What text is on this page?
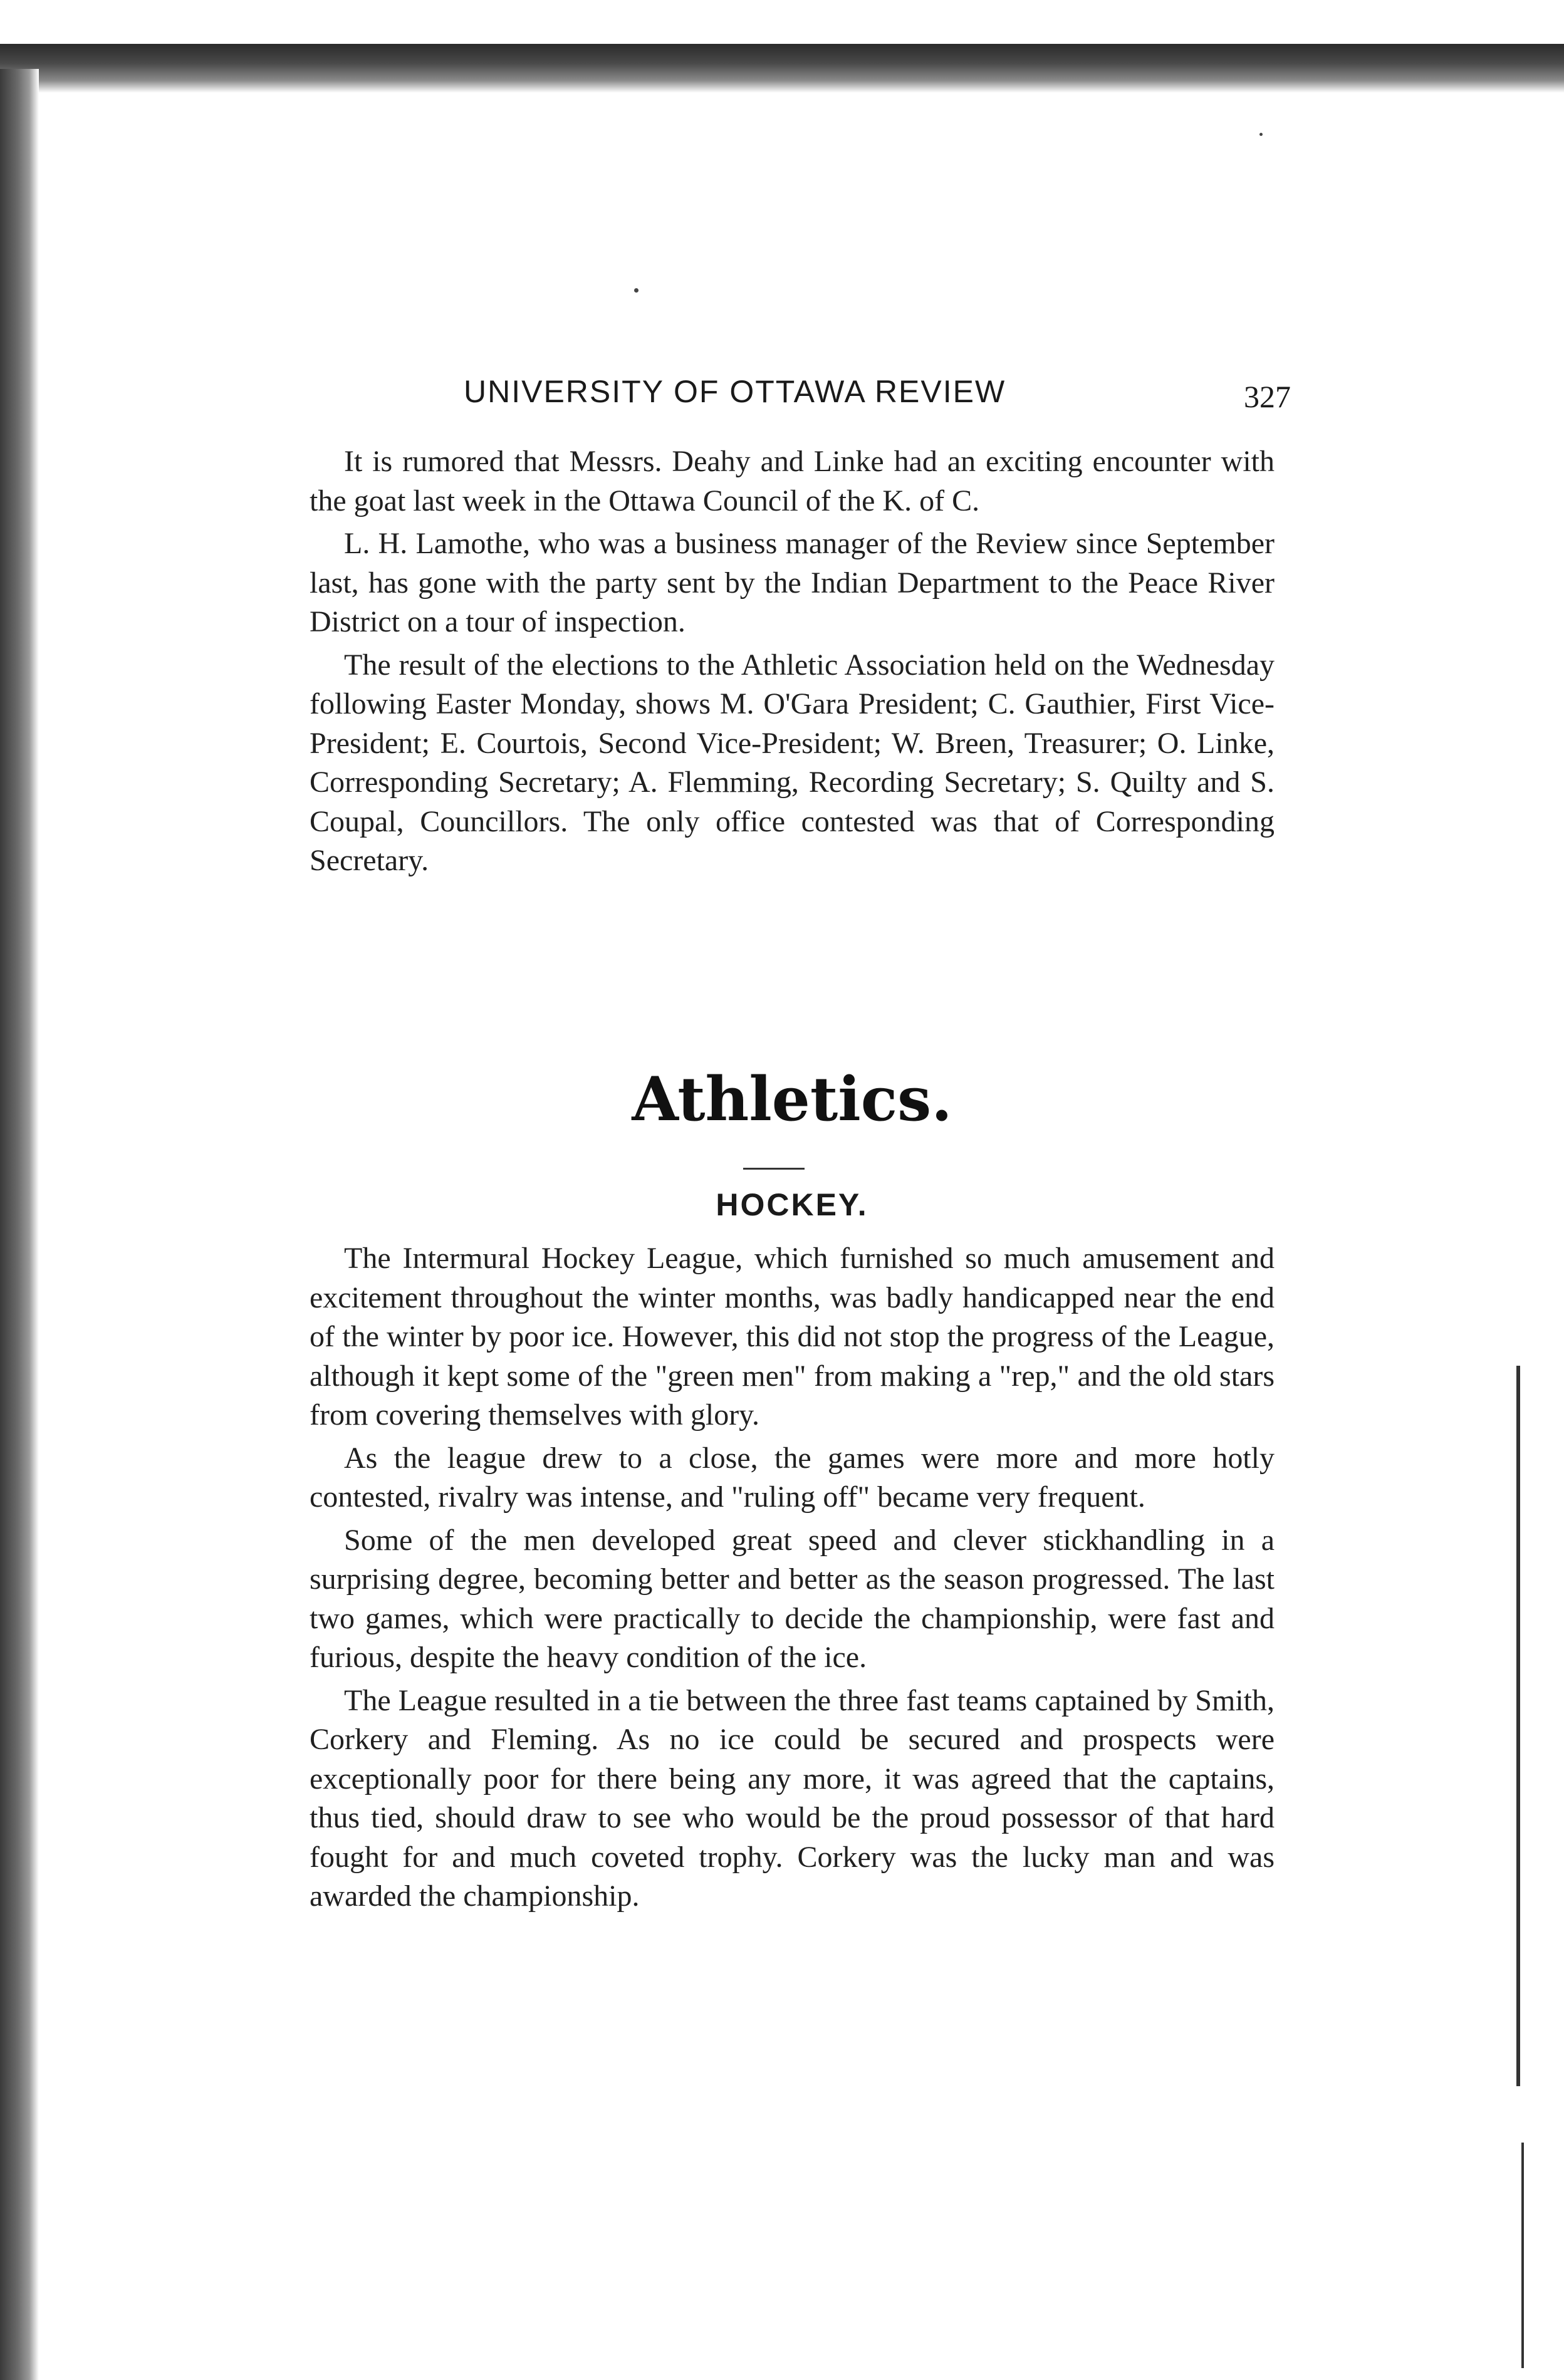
UNIVERSITY OF OTTAWA REVIEW	327

It is rumored that Messrs. Deahy and Linke had an exciting encounter with the goat last week in the Ottawa Council of the K. of C.

L. H. Lamothe, who was a business manager of the Review since September last, has gone with the party sent by the Indian Department to the Peace River District on a tour of inspection.

The result of the elections to the Athletic Association held on the Wednesday following Easter Monday, shows M. O'Gara President; C. Gauthier, First Vice-President; E. Courtois, Second Vice-President; W. Breen, Treasurer; O. Linke, Corresponding Secretary; A. Flemming, Recording Secretary; S. Quilty and S. Coupal, Councillors. The only office contested was that of Corresponding Secretary.

Athletics.
HOCKEY.

The Intermural Hockey League, which furnished so much amusement and excitement throughout the winter months, was badly handicapped near the end of the winter by poor ice. However, this did not stop the progress of the League, although it kept some of the "green men" from making a "rep," and the old stars from covering themselves with glory.

As the league drew to a close, the games were more and more hotly contested, rivalry was intense, and "ruling off" became very frequent.

Some of the men developed great speed and clever stickhandling in a surprising degree, becoming better and better as the season progressed. The last two games, which were practically to decide the championship, were fast and furious, despite the heavy condition of the ice.

The League resulted in a tie between the three fast teams captained by Smith, Corkery and Fleming. As no ice could be secured and prospects were exceptionally poor for there being any more, it was agreed that the captains, thus tied, should draw to see who would be the proud possessor of that hard fought for and much coveted trophy. Corkery was the lucky man and was awarded the championship.
